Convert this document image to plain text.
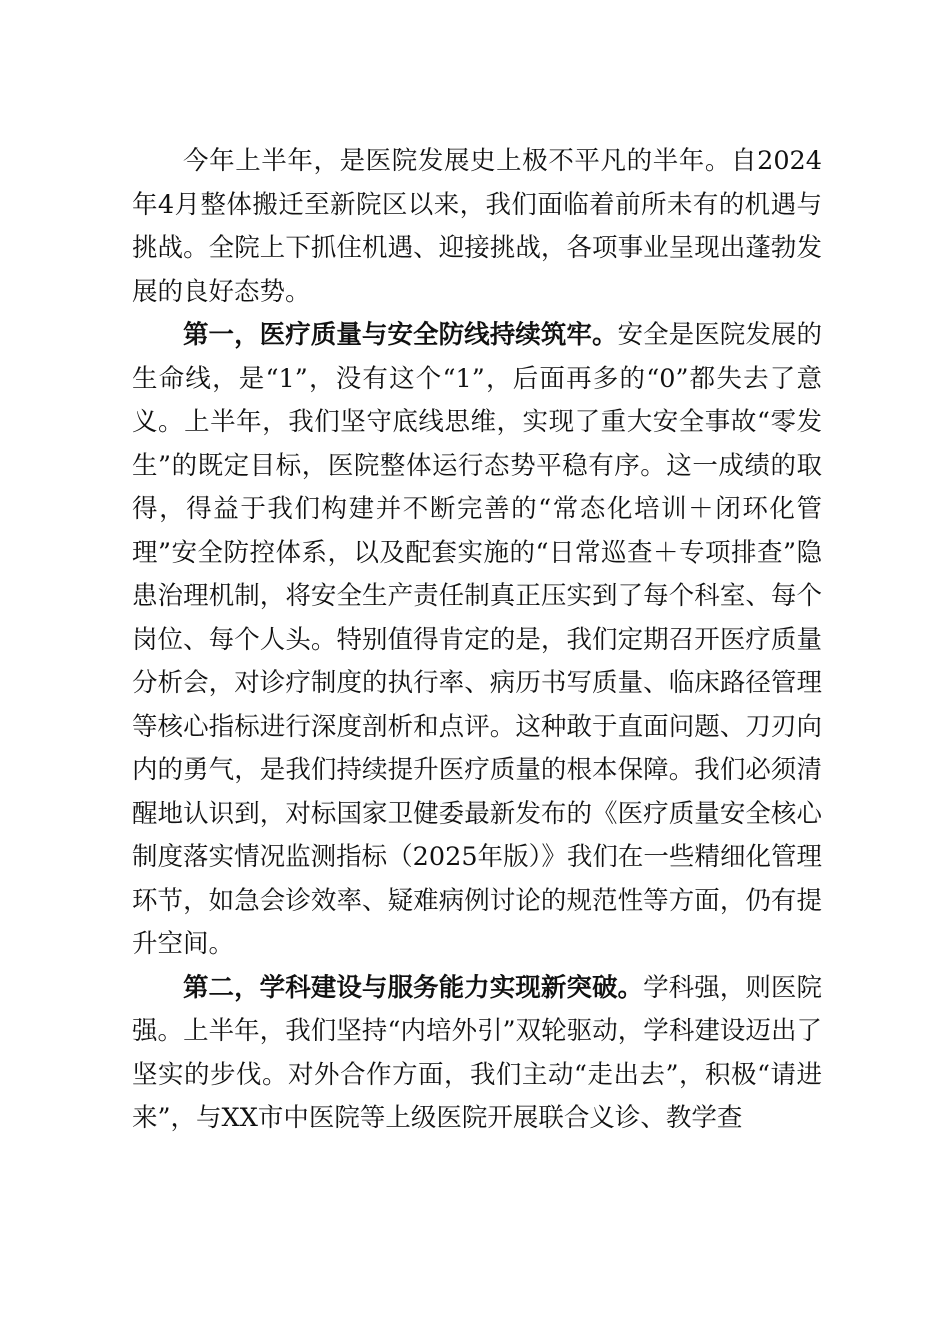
今年上半年，是医院发展史上极不平凡的半年。自2024年4月整体搬迁至新院区以来，我们面临着前所未有的机遇与挑战。全院上下抓住机遇、迎接挑战，各项事业呈现出蓬勃发展的良好态势。

第一，医疗质量与安全防线持续筑牢。安全是医院发展的生命线，是“1”，没有这个“1”，后面再多的“0”都失去了意义。上半年，我们坚守底线思维，实现了重大安全事故“零发生”的既定目标，医院整体运行态势平稳有序。这一成绩的取得，得益于我们构建并不断完善的“常态化培训＋闭环化管理”安全防控体系，以及配套实施的“日常巡查＋专项排查”隐患治理机制，将安全生产责任制真正压实到了每个科室、每个岗位、每个人头。特别值得肯定的是，我们定期召开医疗质量分析会，对诊疗制度的执行率、病历书写质量、临床路径管理等核心指标进行深度剖析和点评。这种敢于直面问题、刀刃向内的勇气，是我们持续提升医疗质量的根本保障。我们必须清醒地认识到，对标国家卫健委最新发布的《医疗质量安全核心制度落实情况监测指标（2025年版）》我们在一些精细化管理环节，如急会诊效率、疑难病例讨论的规范性等方面，仍有提升空间。

第二，学科建设与服务能力实现新突破。学科强，则医院强。上半年，我们坚持“内培外引”双轮驱动，学科建设迈出了坚实的步伐。对外合作方面，我们主动“走出去”，积极“请进来”，与XX市中医院等上级医院开展联合义诊、教学查
